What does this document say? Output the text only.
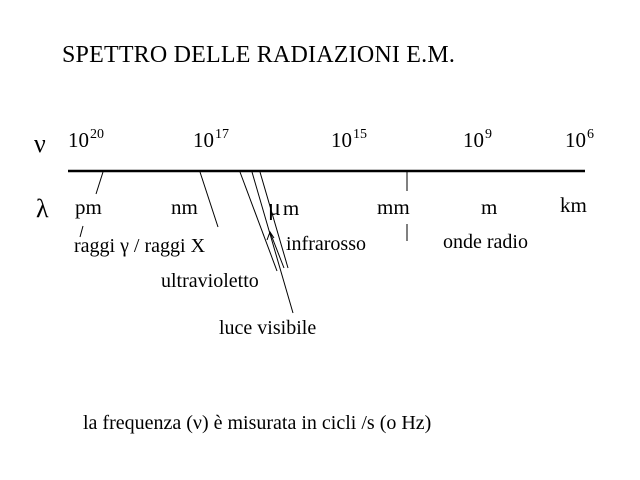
SPETTRO DELLE RADIAZIONI E.M.
ν $10^{20}$	$10^{17}$	$10^{15}$	$10^9$	$10^6$
λ pm	nm	μm	mm	m	km
raggi γ / raggi X
ultravioletto
luce visibile
infrarosso	onde radio
la frequenza (ν) è misurata in cicli /s (o Hz)
